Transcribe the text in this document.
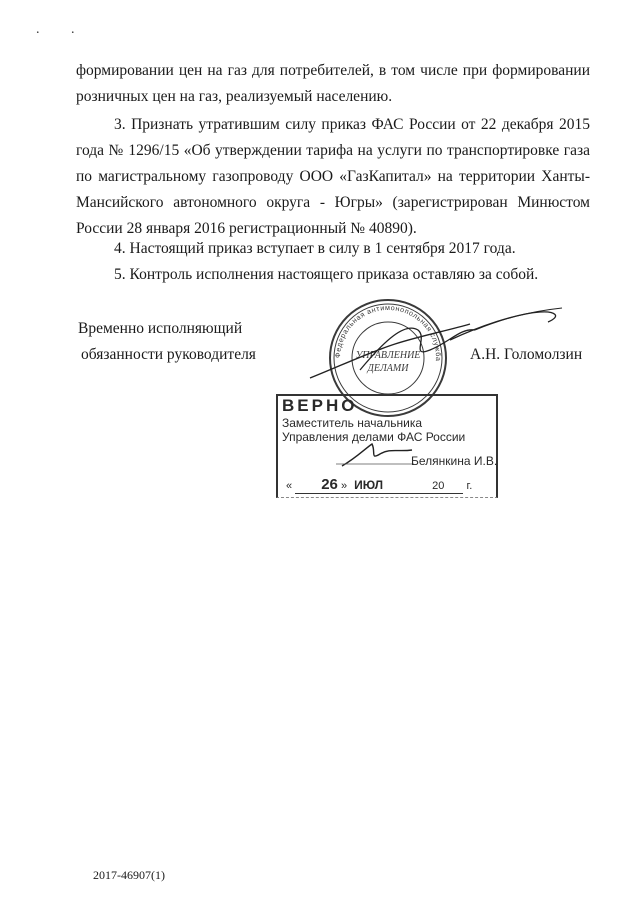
. .

формировании цен на газ для потребителей, в том числе при формировании розничных цен на газ, реализуемый населению.

3. Признать утратившим силу приказ ФАС России от 22 декабря 2015 года № 1296/15 «Об утверждении тарифа на услуги по транспортировке газа по магистральному газопроводу ООО «ГазКапитал» на территории Ханты-Мансийского автономного округа - Югры» (зарегистрирован Минюстом России 28 января 2016 регистрационный № 40890).

4. Настоящий приказ вступает в силу в 1 сентября 2017 года.

5. Контроль исполнения настоящего приказа оставляю за собой.

Временно исполняющий
обязанности руководителя	А.Н. Голомолзин
Федеральная антимонопольная служба
УПРАВЛЕНИЕ
ДЕЛАМИ
ВЕРНО
Заместитель начальника
Управления делами ФАС России
Белянкина И.В.
« 26 » ИЮЛ	20 г.
2017-46907(1)
